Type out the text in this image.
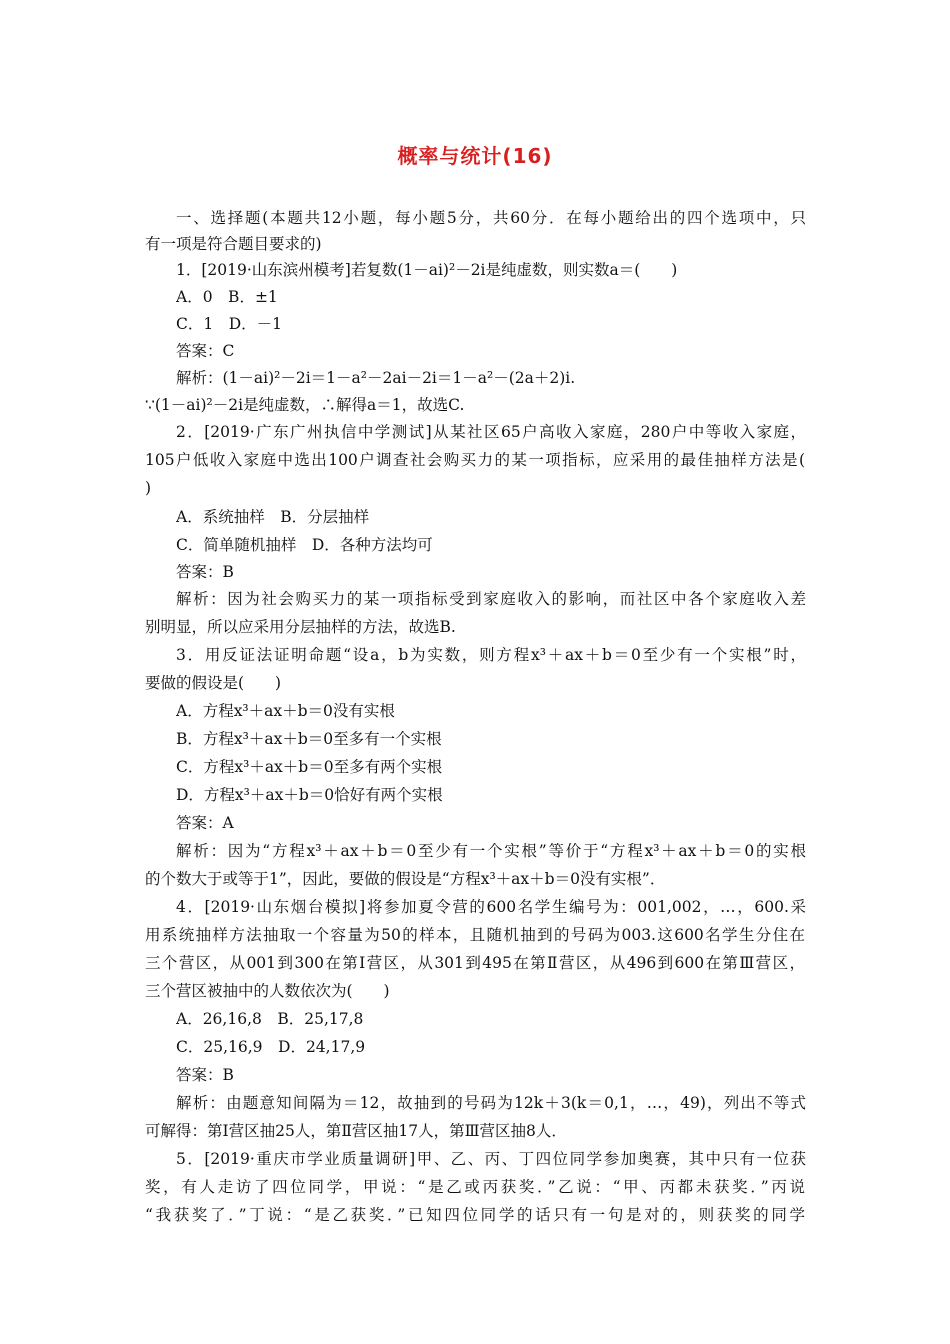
概率与统计(16)
一、选择题(本题共12小题，每小题5分，共60分．在每小题给出的四个选项中，只
有一项是符合题目要求的)
1．[2019·山东滨州模考]若复数(1－ai)²－2i是纯虚数，则实数a＝(　　)
A．0　B．±1
C．1　D．－1
答案：C
解析：(1－ai)²－2i＝1－a²－2ai－2i＝1－a²－(2a＋2)i.
∵(1－ai)²－2i是纯虚数，∴解得a＝1，故选C.
2．[2019·广东广州执信中学测试]从某社区65户高收入家庭，280户中等收入家庭，
105户低收入家庭中选出100户调查社会购买力的某一项指标，应采用的最佳抽样方法是(
)
A．系统抽样　B．分层抽样
C．简单随机抽样　D．各种方法均可
答案：B
解析：因为社会购买力的某一项指标受到家庭收入的影响，而社区中各个家庭收入差
别明显，所以应采用分层抽样的方法，故选B.
3．用反证法证明命题“设a，b为实数，则方程x³＋ax＋b＝0至少有一个实根”时，
要做的假设是(　　)
A．方程x³＋ax＋b＝0没有实根
B．方程x³＋ax＋b＝0至多有一个实根
C．方程x³＋ax＋b＝0至多有两个实根
D．方程x³＋ax＋b＝0恰好有两个实根
答案：A
解析：因为“方程x³＋ax＋b＝0至少有一个实根”等价于“方程x³＋ax＋b＝0的实根
的个数大于或等于1”，因此，要做的假设是“方程x³＋ax＋b＝0没有实根”．
4．[2019·山东烟台模拟]将参加夏令营的600名学生编号为：001,002，…，600.采
用系统抽样方法抽取一个容量为50的样本，且随机抽到的号码为003.这600名学生分住在
三个营区，从001到300在第Ⅰ营区，从301到495在第Ⅱ营区，从496到600在第Ⅲ营区，
三个营区被抽中的人数依次为(　　)
A．26,16,8　B．25,17,8
C．25,16,9　D．24,17,9
答案：B
解析：由题意知间隔为＝12，故抽到的号码为12k＋3(k＝0,1，…，49)，列出不等式
可解得：第Ⅰ营区抽25人，第Ⅱ营区抽17人，第Ⅲ营区抽8人．
5．[2019·重庆市学业质量调研]甲、乙、丙、丁四位同学参加奥赛，其中只有一位获
奖，有人走访了四位同学，甲说：“是乙或丙获奖．”乙说：“甲、丙都未获奖．”丙说
“我获奖了．”丁说：“是乙获奖．”已知四位同学的话只有一句是对的，则获奖的同学
